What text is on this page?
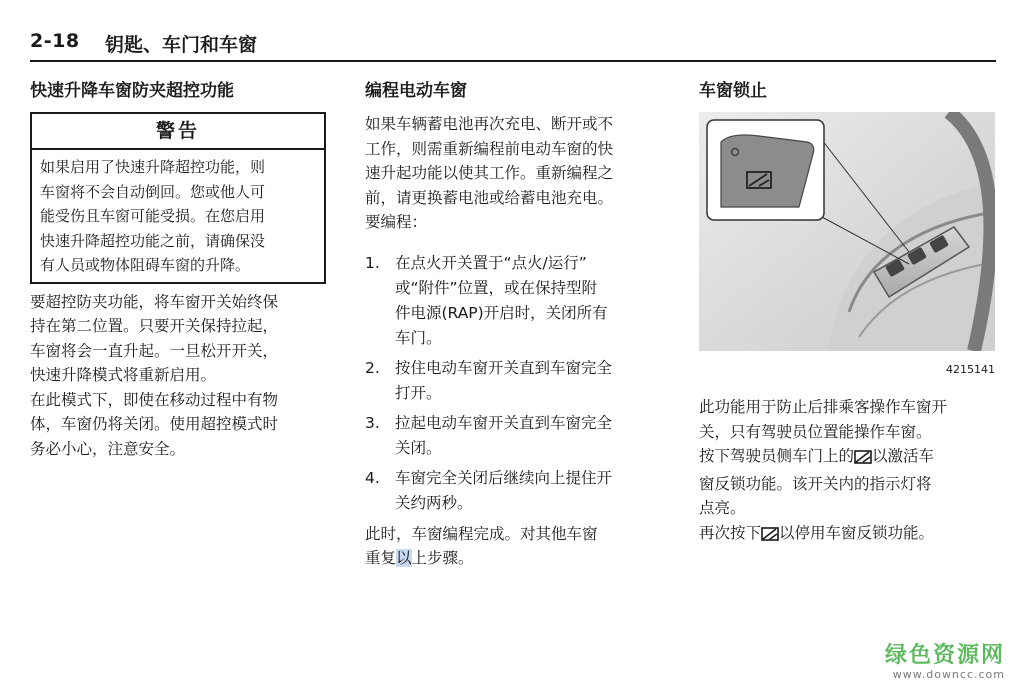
2-18 钥匙、车门和车窗
快速升降车窗防夹超控功能
警告
如果启用了快速升降超控功能，则
车窗将不会自动倒回。您或他人可
能受伤且车窗可能受损。在您启用
快速升降超控功能之前，请确保没
有人员或物体阻碍车窗的升降。

要超控防夹功能，将车窗开关始终保
持在第二位置。只要开关保持拉起，
车窗将会一直升起。一旦松开开关，
快速升降模式将重新启用。

在此模式下，即使在移动过程中有物
体，车窗仍将关闭。使用超控模式时
务必小心，注意安全。

编程电动车窗

如果车辆蓄电池再次充电、断开或不
工作，则需重新编程前电动车窗的快
速升起功能以使其工作。重新编程之
前，请更换蓄电池或给蓄电池充电。
要编程：

1. 在点火开关置于“点火/运行”
或“附件”位置，或在保持型附
件电源(RAP)开启时，关闭所有
车门。
2. 按住电动车窗开关直到车窗完全
打开。
3. 拉起电动车窗开关直到车窗完全
关闭。
4. 车窗完全关闭后继续向上提住开
关约两秒。

此时，车窗编程完成。对其他车窗
重复以上步骤。

车窗锁止
4215141

此功能用于防止后排乘客操作车窗开
关，只有驾驶员位置能操作车窗。
按下驾驶员侧车门上的 以激活车
窗反锁功能。该开关内的指示灯将
点亮。
再次按下 以停用车窗反锁功能。

绿色资源网
www.downcc.com
